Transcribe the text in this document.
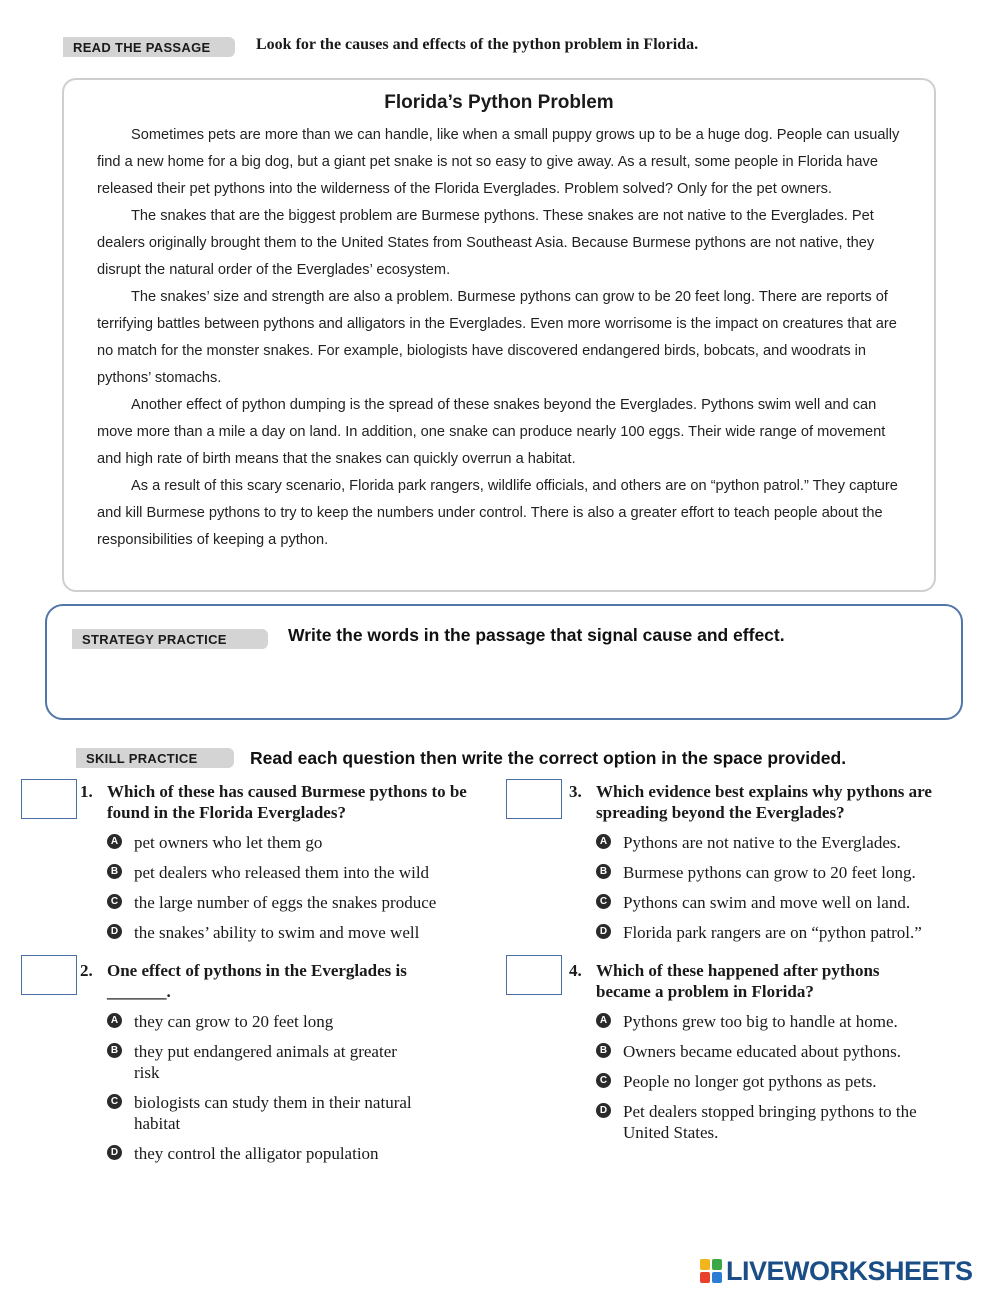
READ THE PASSAGE	Look for the causes and effects of the python problem in Florida.
Florida’s Python Problem

Sometimes pets are more than we can handle, like when a small puppy grows up to be a huge dog. People can usually find a new home for a big dog, but a giant pet snake is not so easy to give away. As a result, some people in Florida have released their pet pythons into the wilderness of the Florida Everglades. Problem solved? Only for the pet owners.

The snakes that are the biggest problem are Burmese pythons. These snakes are not native to the Everglades. Pet dealers originally brought them to the United States from Southeast Asia. Because Burmese pythons are not native, they disrupt the natural order of the Everglades’ ecosystem.

The snakes’ size and strength are also a problem. Burmese pythons can grow to be 20 feet long. There are reports of terrifying battles between pythons and alligators in the Everglades. Even more worrisome is the impact on creatures that are no match for the monster snakes. For example, biologists have discovered endangered birds, bobcats, and woodrats in pythons’ stomachs.

Another effect of python dumping is the spread of these snakes beyond the Everglades. Pythons swim well and can move more than a mile a day on land. In addition, one snake can produce nearly 100 eggs. Their wide range of movement and high rate of birth means that the snakes can quickly overrun a habitat.

As a result of this scary scenario, Florida park rangers, wildlife officials, and others are on “python patrol.” They capture and kill Burmese pythons to try to keep the numbers under control. There is also a greater effort to teach people about the responsibilities of keeping a python.

STRATEGY PRACTICE	Write the words in the passage that signal cause and effect.
SKILL PRACTICE	Read each question then write the correct option in the space provided.
1. Which of these has caused Burmese pythons to be found in the Florida Everglades?
A pet owners who let them go
B pet dealers who released them into the wild
C the large number of eggs the snakes produce
D the snakes’ ability to swim and move well
2. One effect of pythons in the Everglades is _______.
A they can grow to 20 feet long
B they put endangered animals at greater risk
C biologists can study them in their natural habitat
D they control the alligator population
3. Which evidence best explains why pythons are spreading beyond the Everglades?
A Pythons are not native to the Everglades.
B Burmese pythons can grow to 20 feet long.
C Pythons can swim and move well on land.
D Florida park rangers are on “python patrol.”
4. Which of these happened after pythons became a problem in Florida?
A Pythons grew too big to handle at home.
B Owners became educated about pythons.
C People no longer got pythons as pets.
D Pet dealers stopped bringing pythons to the United States.
LIVEWORKSHEETS
